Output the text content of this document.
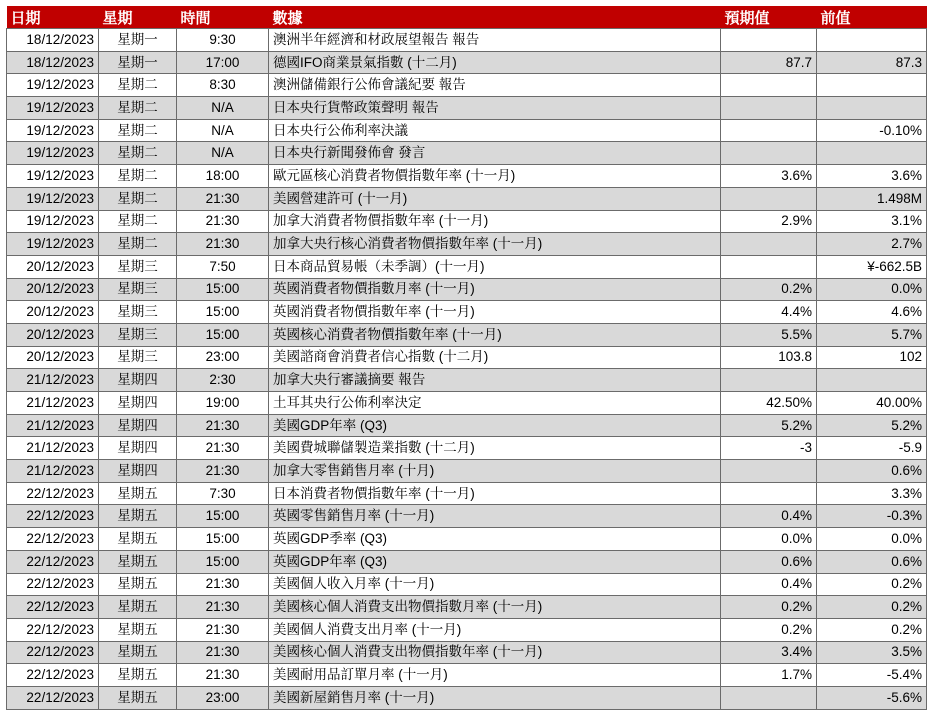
日期	星期	時間	數據	預期值	前值
18/12/2023	星期一	9:30	澳洲半年經濟和材政展望報告 報告		
18/12/2023	星期一	17:00	德國IFO商業景氣指數 (十二月)	87.7	87.3
19/12/2023	星期二	8:30	澳洲儲備銀行公佈會議紀要 報告		
19/12/2023	星期二	N/A	日本央行貨幣政策聲明 報告		
19/12/2023	星期二	N/A	日本央行公佈利率決議		-0.10%
19/12/2023	星期二	N/A	日本央行新聞發佈會 發言		
19/12/2023	星期二	18:00	歐元區核心消費者物價指數年率 (十一月)	3.6%	3.6%
19/12/2023	星期二	21:30	美國營建許可 (十一月)		1.498M
19/12/2023	星期二	21:30	加拿大消費者物價指數年率 (十一月)	2.9%	3.1%
19/12/2023	星期二	21:30	加拿大央行核心消費者物價指數年率 (十一月)		2.7%
20/12/2023	星期三	7:50	日本商品貿易帳（未季調）(十一月)		¥-662.5B
20/12/2023	星期三	15:00	英國消費者物價指數月率 (十一月)	0.2%	0.0%
20/12/2023	星期三	15:00	英國消費者物價指數年率 (十一月)	4.4%	4.6%
20/12/2023	星期三	15:00	英國核心消費者物價指數年率 (十一月)	5.5%	5.7%
20/12/2023	星期三	23:00	美國諮商會消費者信心指數 (十二月)	103.8	102
21/12/2023	星期四	2:30	加拿大央行審議摘要 報告		
21/12/2023	星期四	19:00	土耳其央行公佈利率決定	42.50%	40.00%
21/12/2023	星期四	21:30	美國GDP年率 (Q3)	5.2%	5.2%
21/12/2023	星期四	21:30	美國費城聯儲製造業指數 (十二月)	-3	-5.9
21/12/2023	星期四	21:30	加拿大零售銷售月率 (十月)		0.6%
22/12/2023	星期五	7:30	日本消費者物價指數年率 (十一月)		3.3%
22/12/2023	星期五	15:00	英國零售銷售月率 (十一月)	0.4%	-0.3%
22/12/2023	星期五	15:00	英國GDP季率 (Q3)	0.0%	0.0%
22/12/2023	星期五	15:00	英國GDP年率 (Q3)	0.6%	0.6%
22/12/2023	星期五	21:30	美國個人收入月率 (十一月)	0.4%	0.2%
22/12/2023	星期五	21:30	美國核心個人消費支出物價指數月率 (十一月)	0.2%	0.2%
22/12/2023	星期五	21:30	美國個人消費支出月率 (十一月)	0.2%	0.2%
22/12/2023	星期五	21:30	美國核心個人消費支出物價指數年率 (十一月)	3.4%	3.5%
22/12/2023	星期五	21:30	美國耐用品訂單月率 (十一月)	1.7%	-5.4%
22/12/2023	星期五	23:00	美國新屋銷售月率 (十一月)		-5.6%
